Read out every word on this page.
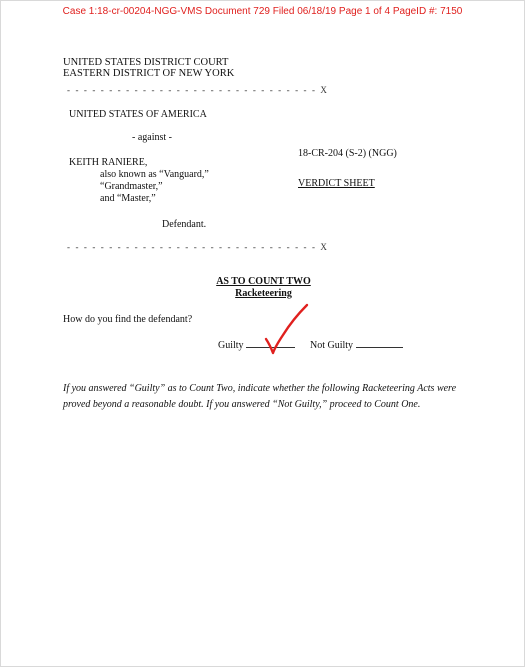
Case 1:18-cr-00204-NGG-VMS Document 729 Filed 06/18/19 Page 1 of 4 PageID #: 7150
UNITED STATES DISTRICT COURT
EASTERN DISTRICT OF NEW YORK
- - - - - - - - - - - - - - - - - - - - - - - - - - - - - - X
UNITED STATES OF AMERICA
- against -
KEITH RANIERE,
also known as “Vanguard,”
“Grandmaster,”
and “Master,”
18-CR-204 (S-2) (NGG)
VERDICT SHEET
Defendant.
- - - - - - - - - - - - - - - - - - - - - - - - - - - - - - X
AS TO COUNT TWO
Racketeering
How do you find the defendant?
Guilty	Not Guilty
If you answered “Guilty” as to Count Two, indicate whether the following Racketeering Acts were proved beyond a reasonable doubt. If you answered “Not Guilty,” proceed to Count One.
